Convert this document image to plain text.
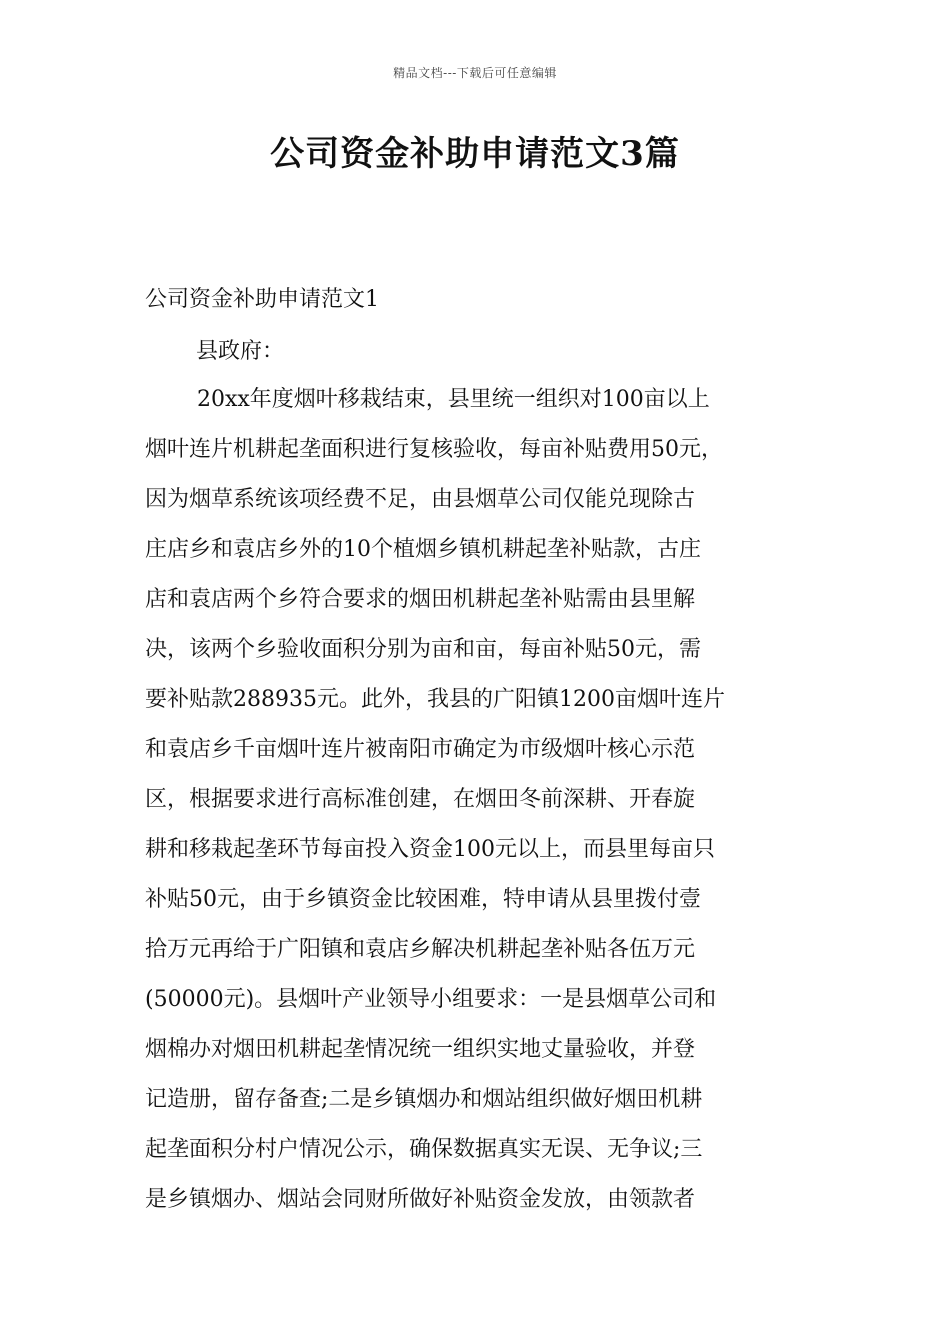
精品文档---下载后可任意编辑
公司资金补助申请范文3篇
公司资金补助申请范文1
县政府：
20xx年度烟叶移栽结束，县里统一组织对100亩以上
烟叶连片机耕起垄面积进行复核验收，每亩补贴费用50元，
因为烟草系统该项经费不足，由县烟草公司仅能兑现除古
庄店乡和袁店乡外的10个植烟乡镇机耕起垄补贴款，古庄
店和袁店两个乡符合要求的烟田机耕起垄补贴需由县里解
决，该两个乡验收面积分别为亩和亩，每亩补贴50元，需
要补贴款288935元。此外，我县的广阳镇1200亩烟叶连片
和袁店乡千亩烟叶连片被南阳市确定为市级烟叶核心示范
区，根据要求进行高标准创建，在烟田冬前深耕、开春旋
耕和移栽起垄环节每亩投入资金100元以上，而县里每亩只
补贴50元，由于乡镇资金比较困难，特申请从县里拨付壹
拾万元再给于广阳镇和袁店乡解决机耕起垄补贴各伍万元
(50000元)。县烟叶产业领导小组要求：一是县烟草公司和
烟棉办对烟田机耕起垄情况统一组织实地丈量验收，并登
记造册，留存备查;二是乡镇烟办和烟站组织做好烟田机耕
起垄面积分村户情况公示，确保数据真实无误、无争议;三
是乡镇烟办、烟站会同财所做好补贴资金发放，由领款者
